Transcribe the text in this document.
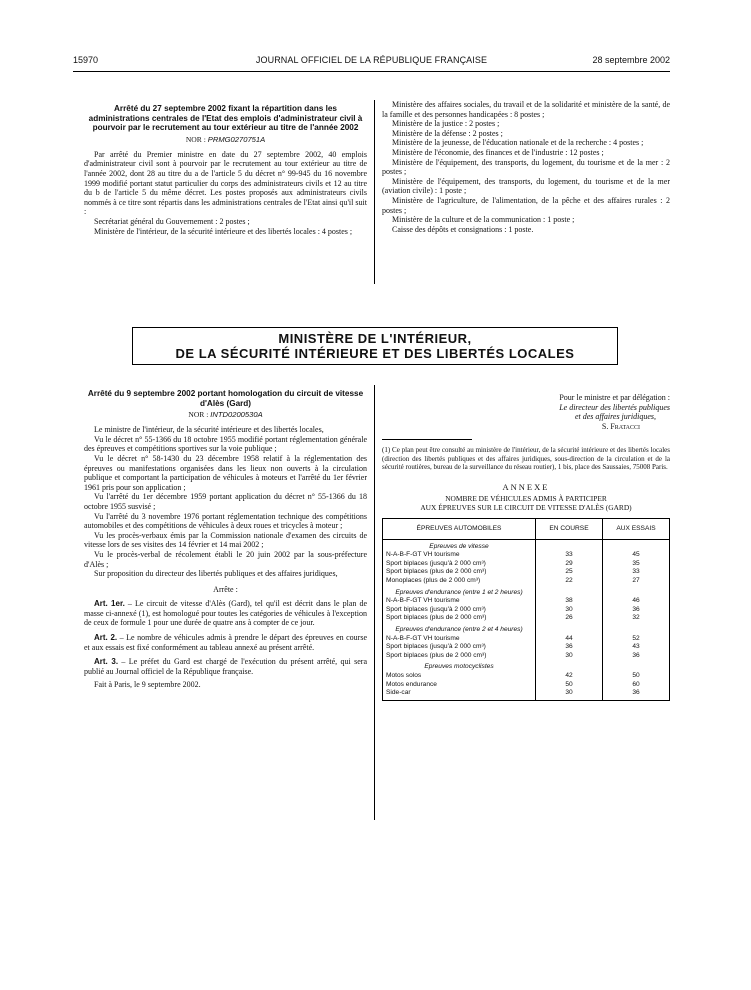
15970	JOURNAL OFFICIEL DE LA RÉPUBLIQUE FRANÇAISE	28 septembre 2002
Arrêté du 27 septembre 2002 fixant la répartition dans les administrations centrales de l'Etat des emplois d'administrateur civil à pourvoir par le recrutement au tour extérieur au titre de l'année 2002
NOR : PRMG0270751A

Par arrêté du Premier ministre en date du 27 septembre 2002, 40 emplois d'administrateur civil sont à pourvoir par le recrutement au tour extérieur au titre de l'année 2002, dont 28 au titre du a de l'article 5 du décret n° 99-945 du 16 novembre 1999 modifié portant statut particulier du corps des administrateurs civils et 12 au titre du b de l'article 5 du même décret. Les postes proposés aux administrateurs civils nommés à ce titre sont répartis dans les administrations centrales de l'Etat ainsi qu'il suit :

Secrétariat général du Gouvernement : 2 postes ;

Ministère de l'intérieur, de la sécurité intérieure et des libertés locales : 4 postes ;

Ministère des affaires sociales, du travail et de la solidarité et ministère de la santé, de la famille et des personnes handicapées : 8 postes ;

Ministère de la justice : 2 postes ;

Ministère de la défense : 2 postes ;

Ministère de la jeunesse, de l'éducation nationale et de la recherche : 4 postes ;

Ministère de l'économie, des finances et de l'industrie : 12 postes ;

Ministère de l'équipement, des transports, du logement, du tourisme et de la mer : 2 postes ;

Ministère de l'équipement, des transports, du logement, du tourisme et de la mer (aviation civile) : 1 poste ;

Ministère de l'agriculture, de l'alimentation, de la pêche et des affaires rurales : 2 postes ;

Ministère de la culture et de la communication : 1 poste ;

Caisse des dépôts et consignations : 1 poste.

MINISTÈRE DE L'INTÉRIEUR,
DE LA SÉCURITÉ INTÉRIEURE ET DES LIBERTÉS LOCALES
Arrêté du 9 septembre 2002 portant homologation du circuit de vitesse d'Alès (Gard)
NOR : INTD0200530A

Le ministre de l'intérieur, de la sécurité intérieure et des libertés locales,

Vu le décret n° 55-1366 du 18 octobre 1955 modifié portant réglementation générale des épreuves et compétitions sportives sur la voie publique ;

Vu le décret n° 58-1430 du 23 décembre 1958 relatif à la réglementation des épreuves ou manifestations organisées dans les lieux non ouverts à la circulation publique et comportant la participation de véhicules à moteurs et l'arrêté du 1er février 1961 pris pour son application ;

Vu l'arrêté du 1er décembre 1959 portant application du décret n° 55-1366 du 18 octobre 1955 susvisé ;

Vu l'arrêté du 3 novembre 1976 portant réglementation technique des compétitions automobiles et des compétitions de véhicules à deux roues et tricycles à moteur ;

Vu les procès-verbaux émis par la Commission nationale d'examen des circuits de vitesse lors de ses visites des 14 février et 14 mai 2002 ;

Vu le procès-verbal de récolement établi le 20 juin 2002 par la sous-préfecture d'Alès ;

Sur proposition du directeur des libertés publiques et des affaires juridiques,

Arrête :

Art. 1er. – Le circuit de vitesse d'Alès (Gard), tel qu'il est décrit dans le plan de masse ci-annexé (1), est homologué pour toutes les catégories de véhicules à l'exception de ceux de formule 1 pour une durée de quatre ans à compter de ce jour.

Art. 2. – Le nombre de véhicules admis à prendre le départ des épreuves en course et aux essais est fixé conformément au tableau annexé au présent arrêté.

Art. 3. – Le préfet du Gard est chargé de l'exécution du présent arrêté, qui sera publié au Journal officiel de la République française.

Fait à Paris, le 9 septembre 2002.

Pour le ministre et par délégation :
Le directeur des libertés publiques
et des affaires juridiques,
S. Fratacci
(1) Ce plan peut être consulté au ministère de l'intérieur, de la sécurité intérieure et des libertés locales (direction des libertés publiques et des affaires juridiques, sous-direction de la circulation et de la sécurité routières, bureau de la surveillance du réseau routier), 1 bis, place des Saussaies, 75008 Paris.
ANNEXE
NOMBRE DE VÉHICULES ADMIS À PARTICIPER
AUX ÉPREUVES SUR LE CIRCUIT DE VITESSE D'ALÈS (GARD)
ÉPREUVES AUTOMOBILES	EN COURSE	AUX ESSAIS
Epreuves de vitesse		
N-A-B-F-GT VH tourisme	33	45
Sport biplaces (jusqu'à 2 000 cm³)	29	35
Sport biplaces (plus de 2 000 cm³)	25	33
Monoplaces (plus de 2 000 cm³)	22	27
Epreuves d'endurance (entre 1 et 2 heures)		
N-A-B-F-GT VH tourisme	38	46
Sport biplaces (jusqu'à 2 000 cm³)	30	36
Sport biplaces (plus de 2 000 cm³)	26	32
Epreuves d'endurance (entre 2 et 4 heures)		
N-A-B-F-GT VH tourisme	44	52
Sport biplaces (jusqu'à 2 000 cm³)	36	43
Sport biplaces (plus de 2 000 cm³)	30	36
Epreuves motocyclistes		
Motos solos	42	50
Motos endurance	50	60
Side-car	30	36
